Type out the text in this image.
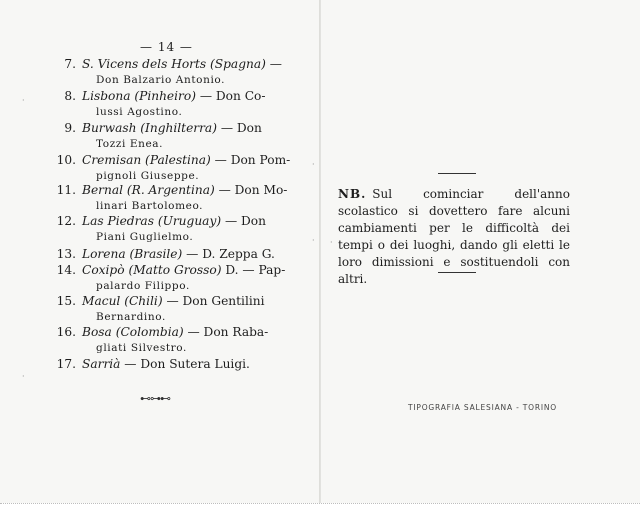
— 14 —
7. S. Vicens dels Horts (Spagna) —
Don Balzario Antonio.
8. Lisbona (Pinheiro) — Don Co-
lussi Agostino.
9. Burwash (Inghilterra) — Don
Tozzi Enea.
10. Cremisan (Palestina) — Don Pom-
pignoli Giuseppe.
11. Bernal (R. Argentina) — Don Mo-
linari Bartolomeo.
12. Las Piedras (Uruguay) — Don
Piani Guglielmo.
13. Lorena (Brasile) — D. Zeppa G.
14. Coxipò (Matto Grosso) D. — Pap-
palardo Filippo.
15. Macul (Chili) — Don Gentilini
Bernardino.
16. Bosa (Colombia) — Don Raba-
gliati Silvestro.
17. Sarrià — Don Sutera Luigi.
⊷⊶⊷
NB. Sul cominciar dell'anno scolastico si dovettero fare alcuni cambiamenti per le difficoltà dei tempi o dei luoghi, dando gli eletti le loro dimissioni e sostituendoli con altri.
TIPOGRAFIA SALESIANA - TORINO
·
· ·
·
·
